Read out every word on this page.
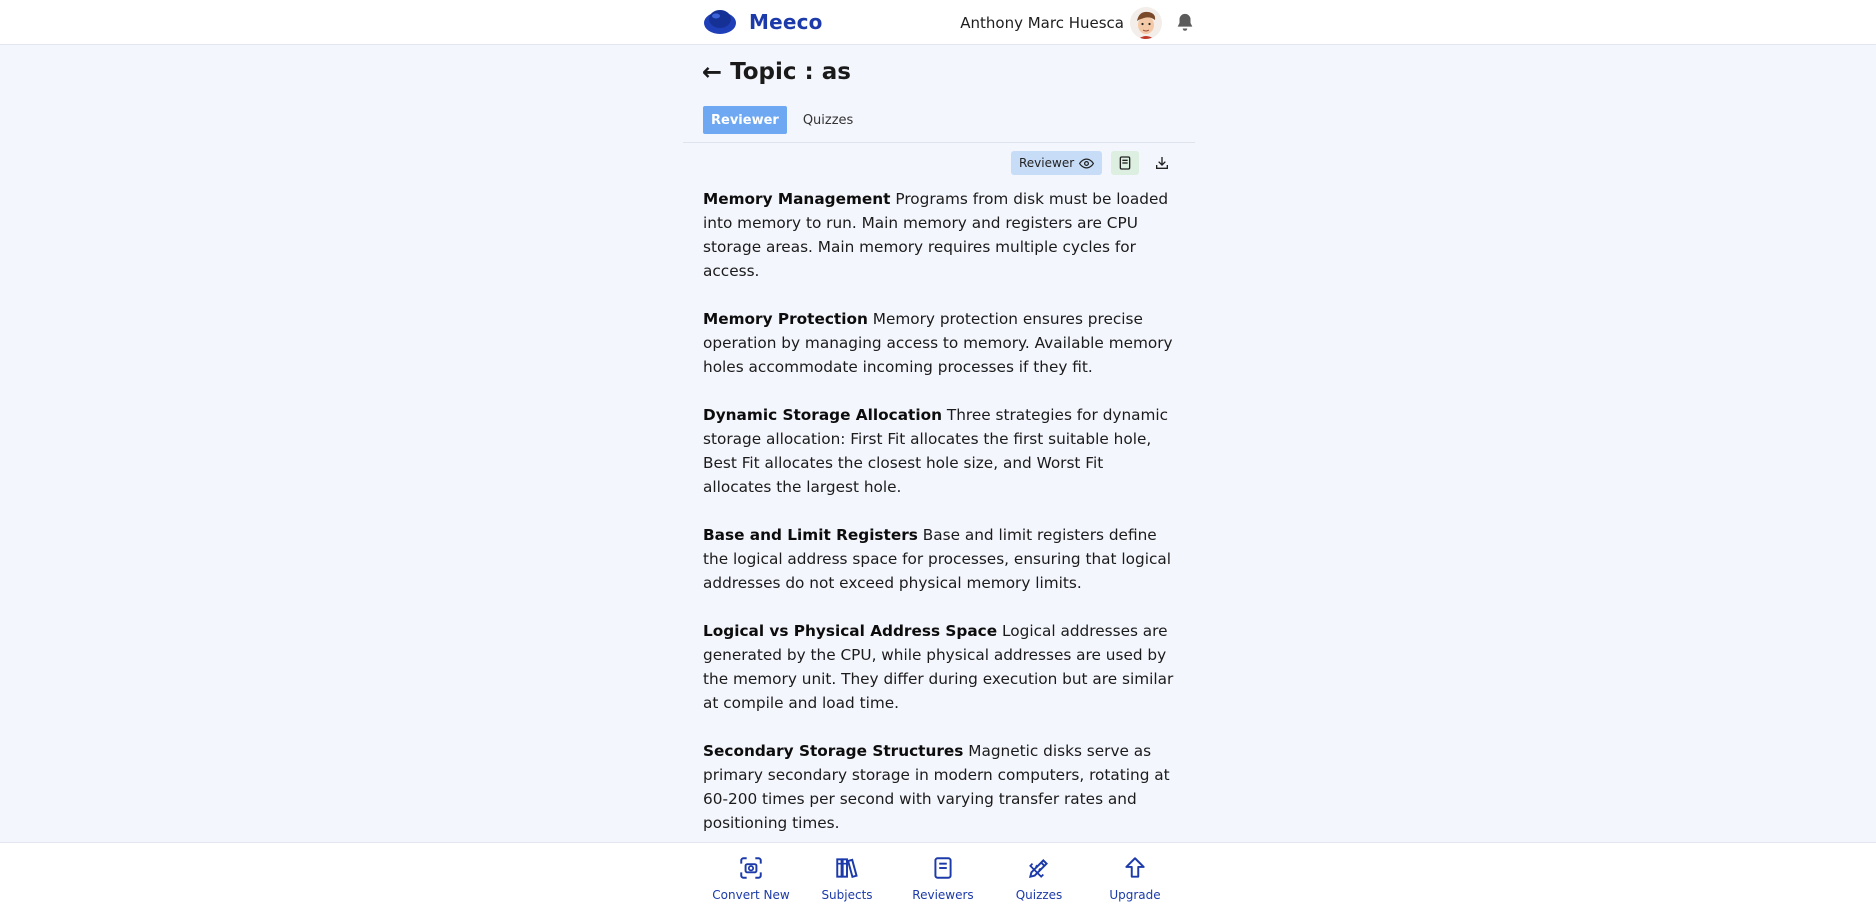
Meeco	Anthony Marc Huesca
← Topic : as
Reviewer	Quizzes
Reviewer

Memory Management Programs from disk must be loaded into memory to run. Main memory and registers are CPU storage areas. Main memory requires multiple cycles for access.

Memory Protection Memory protection ensures precise operation by managing access to memory. Available memory holes accommodate incoming processes if they fit.

Dynamic Storage Allocation Three strategies for dynamic storage allocation: First Fit allocates the first suitable hole, Best Fit allocates the closest hole size, and Worst Fit allocates the largest hole.

Base and Limit Registers Base and limit registers define the logical address space for processes, ensuring that logical addresses do not exceed physical memory limits.

Logical vs Physical Address Space Logical addresses are generated by the CPU, while physical addresses are used by the memory unit. They differ during execution but are similar at compile and load time.

Secondary Storage Structures Magnetic disks serve as primary secondary storage in modern computers, rotating at 60-200 times per second with varying transfer rates and positioning times.

Convert New	Subjects	Reviewers	Quizzes	Upgrade
